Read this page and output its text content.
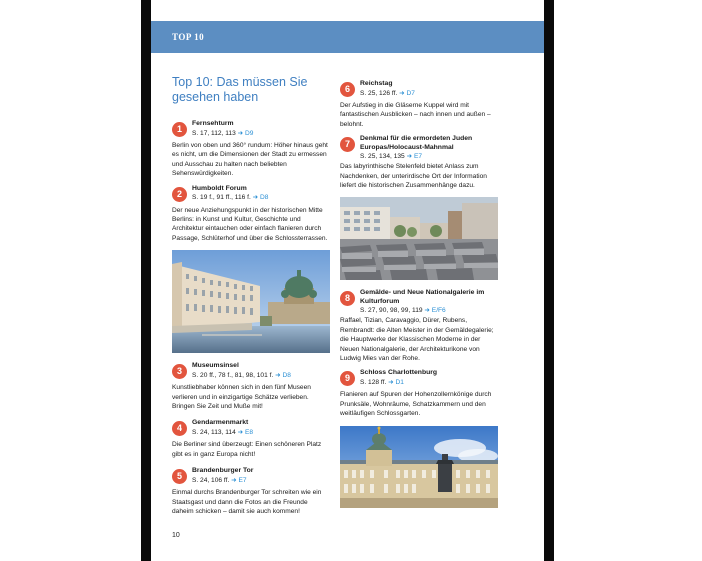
TOP 10
Top 10: Das müssen Sie gesehen haben
1
Fernsehturm
S. 17, 112, 113 ➜ D9
Berlin von oben und 360° rundum: Höher hinaus geht es nicht, um die Dimensionen der Stadt zu ermessen und Ausschau zu halten nach beliebten Sehenswürdigkeiten.
2
Humboldt Forum
S. 19 f., 91 ff., 116 f. ➜ D8
Der neue Anziehungspunkt in der historischen Mitte Berlins: in Kunst und Kultur, Geschichte und Architektur eintauchen oder einfach flanieren durch Passage, Schlüterhof und über die Schlossterrassen.
3
Museumsinsel
S. 20 ff., 78 f., 81, 98, 101 f. ➜ D8
Kunstliebhaber können sich in den fünf Museen verlieren und in einzigartige Schätze verlieben. Bringen Sie Zeit und Muße mit!
4
Gendarmenmarkt
S. 24, 113, 114 ➜ E8
Die Berliner sind überzeugt: Einen schöneren Platz gibt es in ganz Europa nicht!
5
Brandenburger Tor
S. 24, 106 ff. ➜ E7
Einmal durchs Brandenburger Tor schreiten wie ein Staatsgast und dann die Fotos an die Freunde daheim schicken – damit sie auch kommen!
6
Reichstag
S. 25, 126 ff. ➜ D7
Der Aufstieg in die Gläserne Kuppel wird mit fantastischen Ausblicken – nach innen und außen – belohnt.
7
Denkmal für die ermordeten Juden Europas/Holocaust-Mahnmal
S. 25, 134, 135 ➜ E7
Das labyrinthische Stelenfeld bietet Anlass zum Nachdenken, der unterirdische Ort der Information liefert die historischen Zusammenhänge dazu.
8
Gemälde- und Neue Nationalgalerie im Kulturforum
S. 27, 90, 98, 99, 119 ➜ E/F6
Raffael, Tizian, Caravaggio, Dürer, Rubens, Rembrandt: die Alten Meister in der Gemäldegalerie; die Hauptwerke der Klassischen Moderne in der Neuen Nationalgalerie, der Architekturikone von Ludwig Mies van der Rohe.
9
Schloss Charlottenburg
S. 128 ff. ➜ D1
Flanieren auf Spuren der Hohenzollernkönige durch Prunksäle, Wohnräume, Schatzkammern und den weitläufigen Schlossgarten.
10
